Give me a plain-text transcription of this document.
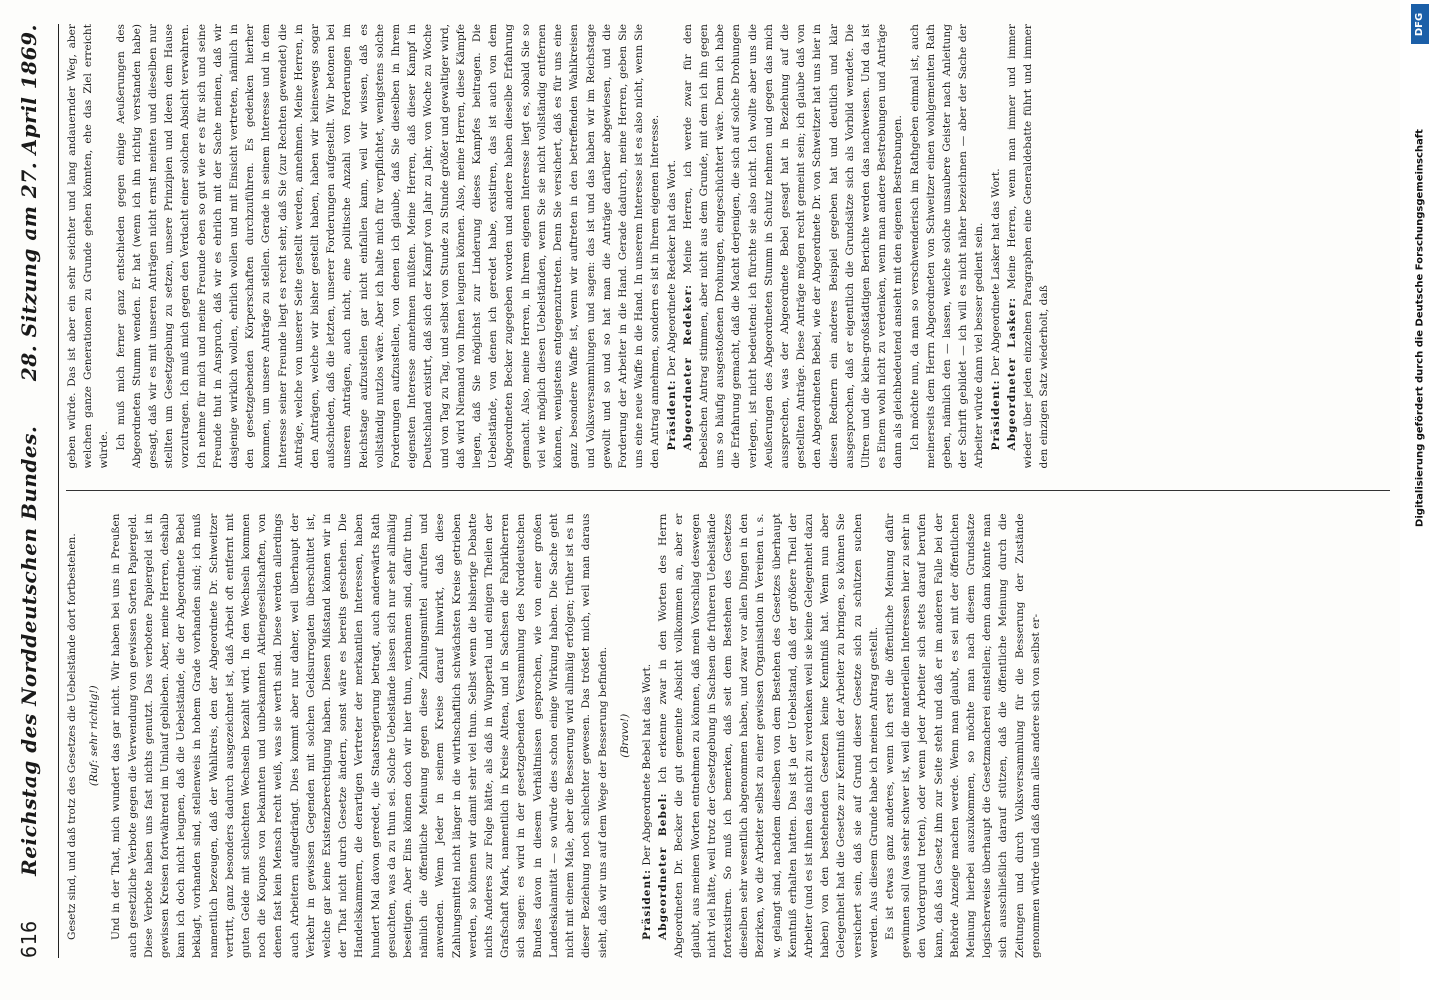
616
Reichstag des Norddeutschen Bundes.
28. Sitzung am 27. April 1869.

Gesetz sind, und daß trotz des Gesetzes die Uebelstände dort fortbestehen. (Ruf: sehr richtig!) Und in der That, mich wundert das gar nicht. Wir haben bei uns in Preußen auch gesetzliche Verbote gegen die Verwendung von gewissen Sorten Papiergeld. Diese Verbote haben uns fast nichts genutzt. Das verbotene Papiergeld ist in gewissen Kreisen fortwährend im Umlauf geblieben. Aber, meine Herren, deshalb kann ich doch nicht leugnen, daß die Uebelstände, die der Abgeordnete Bebel beklagt, vorhanden sind, stellenweis in hohem Grade vorhanden sind; ich muß namentlich bezeugen, daß der Wahlkreis, den der Abgeordnete Dr. Schweitzer vertritt, ganz besonders dadurch ausgezeichnet ist, daß Arbeit oft entfernt mit guten Gelde mit schlechten Wechseln bezahlt wird. In den Wechseln kommen noch die Koupons von bekannten und unbekannten Aktiengesellschaften, von denen fast kein Mensch recht weiß, was sie werth sind. Diese werden allerdings auch Arbeitern aufgedrängt. Dies kommt aber nur daher, weil überhaupt der Verkehr in gewissen Gegenden mit solchen Geldsurrogaten überschüttet ist, welche gar keine Existenzberechtigung haben. Diesen Mißstand können wir in der That nicht durch Gesetze ändern, sonst wäre es bereits geschehen. Die Handelskammern, die derartigen Vertreter der merkantilen Interessen, haben hundert Mal davon geredet, die Staatsregierung betragt, auch anderwärts Rath gesuchten, was da zu thun sei. Solche Uebelstände lassen sich nur sehr allmälig beseitigen. Aber Eins können doch wir hier thun, verbannen sind, dafür thun, nämlich die öffentliche Meinung gegen diese Zahlungsmittel aufrufen und anwenden. Wenn Jeder in seinem Kreise darauf hinwirkt, daß diese Zahlungsmittel nicht länger in die wirthschaftlich schwächsten Kreise getrieben werden, so können wir damit sehr viel thun. Selbst wenn die bisherige Debatte nichts Anderes zur Folge hätte, als daß in Wuppertal und einigen Theilen der Grafschaft Mark, namentlich in Kreise Altena, und in Sachsen die Fabrikherren sich sagen: es wird in der gesetzgebenden Versammlung des Norddeutschen Bundes davon in diesem Verhältnissen gesprochen, wie von einer großen Landeskalamität — so würde dies schon einige Wirkung haben. Die Sache geht nicht mit einem Male, aber die Besserung wird allmälig erfolgen; trüher ist es in dieser Beziehung noch schlechter gewesen. Das tröstet mich, weil man daraus sieht, daß wir uns auf dem Wege der Besserung befinden. (Bravo!)

Präsident: Der Abgeordnete Bebel hat das Wort.

Abgeordneter Bebel: Ich erkenne zwar in den Worten des Herrn Abgeordneten Dr. Becker die gut gemeinte Absicht vollkommen an, aber er glaubt, aus meinen Worten entnehmen zu können, daß mein Vorschlag deswegen nicht viel hätte, weil trotz der Gesetzgebung in Sachsen die früheren Uebelstände fortexistiren. So muß ich bemerken, daß seit dem Bestehen des Gesetzes dieselben sehr wesentlich abgenommen haben, und zwar vor allen Dingen in den Bezirken, wo die Arbeiter selbst zu einer gewissen Organisation in Vereinen u. s. w. gelangt sind, nachdem dieselben von dem Bestehen des Gesetzes überhaupt Kenntniß erhalten hatten. Das ist ja der Uebelstand, daß der größere Theil der Arbeiter (und es ist ihnen das nicht zu verdenken weil sie keine Gelegenheit dazu haben) von den bestehenden Gesetzen keine Kenntniß hat. Wenn nun aber Gelegenheit hat die Gesetze zur Kenntniß der Arbeiter zu bringen, so können Sie versichert sein, daß sie auf Grund dieser Gesetze sich zu schützen suchen werden. Aus diesem Grunde habe ich meinen Antrag gestellt. Es ist etwas ganz anderes, wenn ich erst die öffentliche Meinung dafür gewinnen soll (was sehr schwer ist, weil die materiellen Interessen hier zu sehr in den Vordergrund treten), oder wenn jeder Arbeiter sich stets darauf berufen kann, daß das Gesetz ihm zur Seite steht und daß er im anderen Falle bei der Behörde Anzeige machen werde. Wenn man glaubt, es sei mit der öffentlichen Meinung hierbei auszukommen, so möchte man nach diesem Grundsatze logischerweise überhaupt die Gesetzmacherei einstellen; denn dann könnte man sich ausschließlich darauf stützen, daß die öffentliche Meinung durch die Zeitungen und durch Volksversammlung für die Besserung der Zustände genommen würde und daß dann alles andere sich von selbst er-

geben würde. Das ist aber ein sehr seichter und lang andauernder Weg, aber welchen ganze Generationen zu Grunde gehen könnten, ehe das Ziel erreicht würde. Ich muß mich ferner ganz entschieden gegen einige Aeußerungen des Abgeordneten Stumm wenden. Er hat (wenn ich ihn richtig verstanden habe) gesagt, daß wir es mit unseren Anträgen nicht ernst meinten und dieselben nur stellten um Gesetzgebung zu setzen, unsere Prinzipien und Ideen dem Hause vorzutragen. Ich muß mich gegen den Verdacht einer solchen Absicht verwahren. Ich nehme für mich und meine Freunde eben so gut wie er es für sich und seine Freunde thut in Anspruch, daß wir es ehrlich mit der Sache meinen, daß wir dasjenige wirklich wollen, ehrlich wollen und mit Einsicht vertreten, nämlich in den gesetzgebenden Körperschaften durchzuführen. Es gedenken hierher kommen, um unsere Anträge zu stellen. Gerade in seinem Interesse und in dem Interesse seiner Freunde liegt es recht sehr, daß Sie (zur Rechten gewendet) die Anträge, welche von unserer Seite gestellt werden, annehmen. Meine Herren, in den Anträgen, welche wir bisher gestellt haben, haben wir keineswegs sogar außschieden, daß die letzten, unserer Forderungen aufgestellt. Wir betonen bei unseren Anträgen, auch nicht, eine politische Anzahl von Forderungen im Reichstage aufzustellen gar nicht einfallen kann, weil wir wissen, daß es vollständig nutzlos wäre. Aber ich halte mich für verpflichtet, wenigstens solche Forderungen aufzustellen, von denen ich glaube, daß Sie dieselben in Ihrem eigensten Interesse annehmen müßten. Meine Herren, daß dieser Kampf in Deutschland existirt, daß sich der Kampf von Jahr zu Jahr, von Woche zu Woche und von Tag zu Tag, und selbst von Stunde zu Stunde größer und gewaltiger wird, daß wird Niemand von Ihnen leugnen können. Also, meine Herren, diese Kämpfe liegen, daß Sie möglichst zur Linderung dieses Kampfes beitragen. Die Uebelstände, von denen ich geredet habe, existiren, das ist auch von dem Abgeordneten Becker zugegeben worden und andere haben dieselbe Erfahrung gemacht. Also, meine Herren, in Ihrem eigenen Interesse liegt es, sobald Sie so viel wie möglich diesen Uebelständen, wenn Sie sie nicht vollständig entfernen können, wenigstens entgegenzutreten. Denn Sie versichert, daß es für uns eine ganz besondere Waffe ist, wenn wir auftreten in den betreffenden Wahlkreisen und Volksversammlungen und sagen: das ist und das haben wir im Reichstage gewollt und so und so hat man die Anträge darüber abgewiesen, und die Forderung der Arbeiter in die Hand. Gerade dadurch, meine Herren, geben Sie uns eine neue Waffe in die Hand. In unserem Interesse ist es also nicht, wenn Sie den Antrag annehmen, sondern es ist in Ihrem eigenen Interesse. Präsident: Der Abgeordnete Redeker hat das Wort. Abgeordneter Redeker: Meine Herren, ich werde zwar für den Bebelschen Antrag stimmen, aber nicht aus dem Grunde, mit dem ich ihn gegen uns so häufig ausgestoßenen Drohungen, eingeschüchtert wäre. Denn ich habe die Erfahrung gemacht, daß die Macht derjenigen, die sich auf solche Drohungen verlegen, ist nicht bedeutend: ich fürchte sie also nicht. Ich wollte aber uns die Aeußerungen des Abgeordneten Stumm in Schutz nehmen und gegen das mich aussprechen, was der Abgeordnete Bebel gesagt hat in Beziehung auf die gestellten Anträge. Diese Anträge mögen recht gemeint sein; ich glaube daß von den Abgeordneten Bebel, wie der Abgeordnete Dr. von Schweitzer hat uns hier in diesen Rednern ein anderes Beispiel gegeben hat und deutlich und klar ausgesprochen, daß er eigentlich die Grundsätze sich als Vorbild wendete. Die Ultren und die klein-großstädtigen Berichte werden das nachweisen. Und da ist es Einem wohl nicht zu verdenken, wenn man andere Bestrebungen und Anträge dann als gleichbedeutend ansieht mit den eigenen Bestrebungen. Ich möchte nun, da man so verschwenderisch im Rathgeben einmal ist, auch meinerseits dem Herrn Abgeordneten von Schweitzer einen wohlgemeinten Rath geben, nämlich den — lassen, welche solche unsaubere Geister nach Anleitung der Schrift gebildet — ich will es nicht näher bezeichnen — aber der Sache der Arbeiter würde dann viel besser gedient sein. Präsident: Der Abgeordnete Lasker hat das Wort. Abgeordneter Lasker: Meine Herren, wenn man immer und immer wieder über jeden einzelnen Paragraphen eine Generaldebatte führt und immer den einzigen Satz wiederholt, daß

DFG
Digitalisierung gefördert durch die Deutsche Forschungsgemeinschaft
